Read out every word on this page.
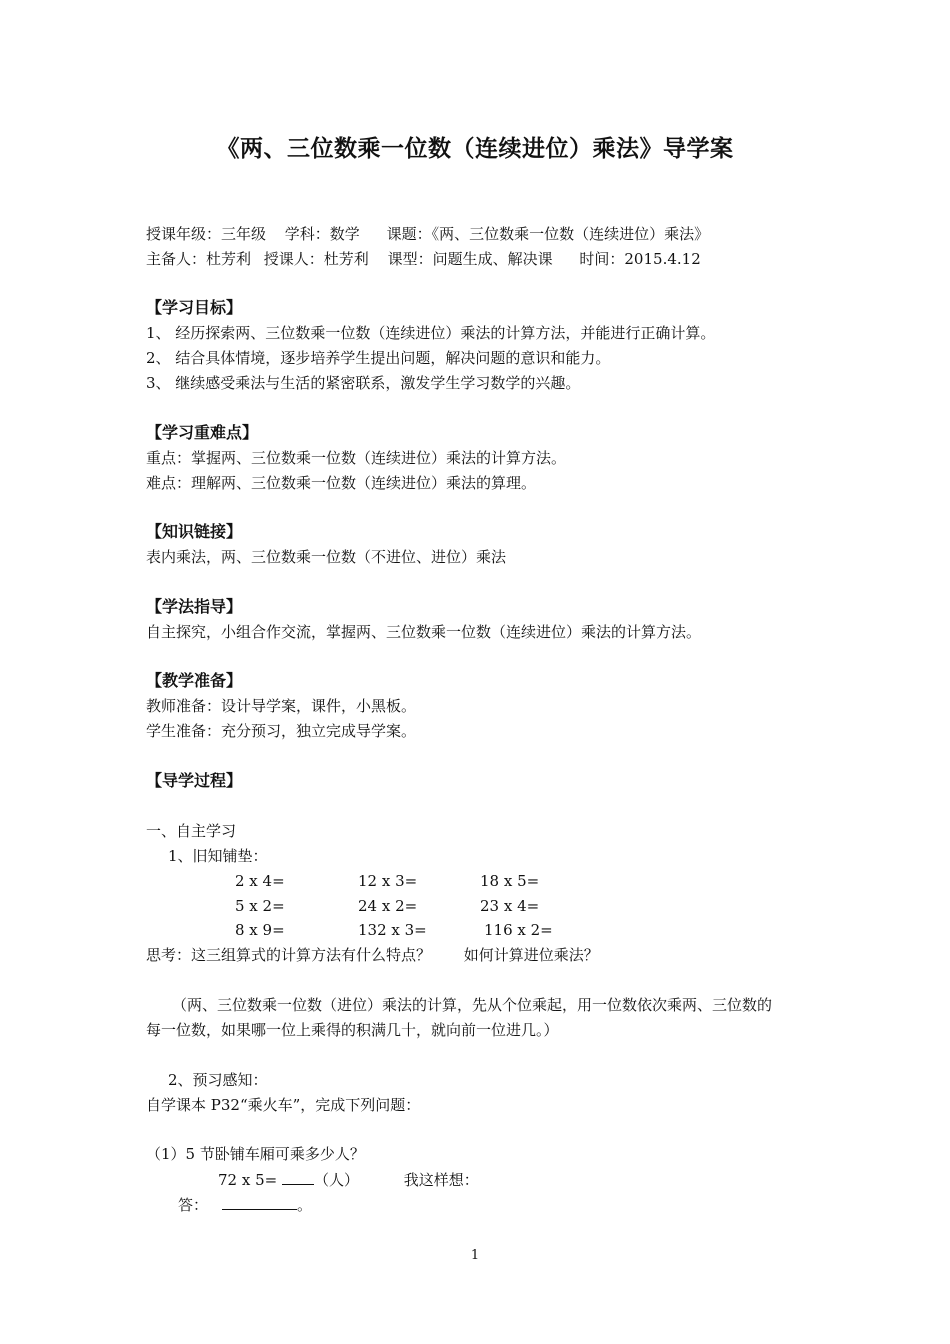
《两、三位数乘一位数（连续进位）乘法》导学案
授课年级：三年级 学科：数学 课题：《两、三位数乘一位数（连续进位）乘法》
主备人：杜芳利 授课人：杜芳利 课型：问题生成、解决课 时间：2015.4.12
【学习目标】
1、 经历探索两、三位数乘一位数（连续进位）乘法的计算方法，并能进行正确计算。
2、 结合具体情境，逐步培养学生提出问题，解决问题的意识和能力。
3、 继续感受乘法与生活的紧密联系，激发学生学习数学的兴趣。
【学习重难点】
重点：掌握两、三位数乘一位数（连续进位）乘法的计算方法。
难点：理解两、三位数乘一位数（连续进位）乘法的算理。
【知识链接】
表内乘法，两、三位数乘一位数（不进位、进位）乘法
【学法指导】
自主探究，小组合作交流，掌握两、三位数乘一位数（连续进位）乘法的计算方法。
【教学准备】
教师准备：设计导学案，课件，小黑板。
学生准备：充分预习，独立完成导学案。
【导学过程】
一、自主学习
1、旧知铺垫：
2 x 4=	12 x 3=	18 x 5=
5 x 2=	24 x 2=	23 x 4=
8 x 9=	132 x 3=	116 x 2=
思考：这三组算式的计算方法有什么特点？ 如何计算进位乘法？
（两、三位数乘一位数（进位）乘法的计算，先从个位乘起，用一位数依次乘两、三位数的
每一位数，如果哪一位上乘得的积满几十，就向前一位进几。）
2、预习感知：
自学课本 P32“乘火车”，完成下列问题：
（1）5 节卧铺车厢可乘多少人？
72 x 5= （人）	我这样想：
答：	。
1
